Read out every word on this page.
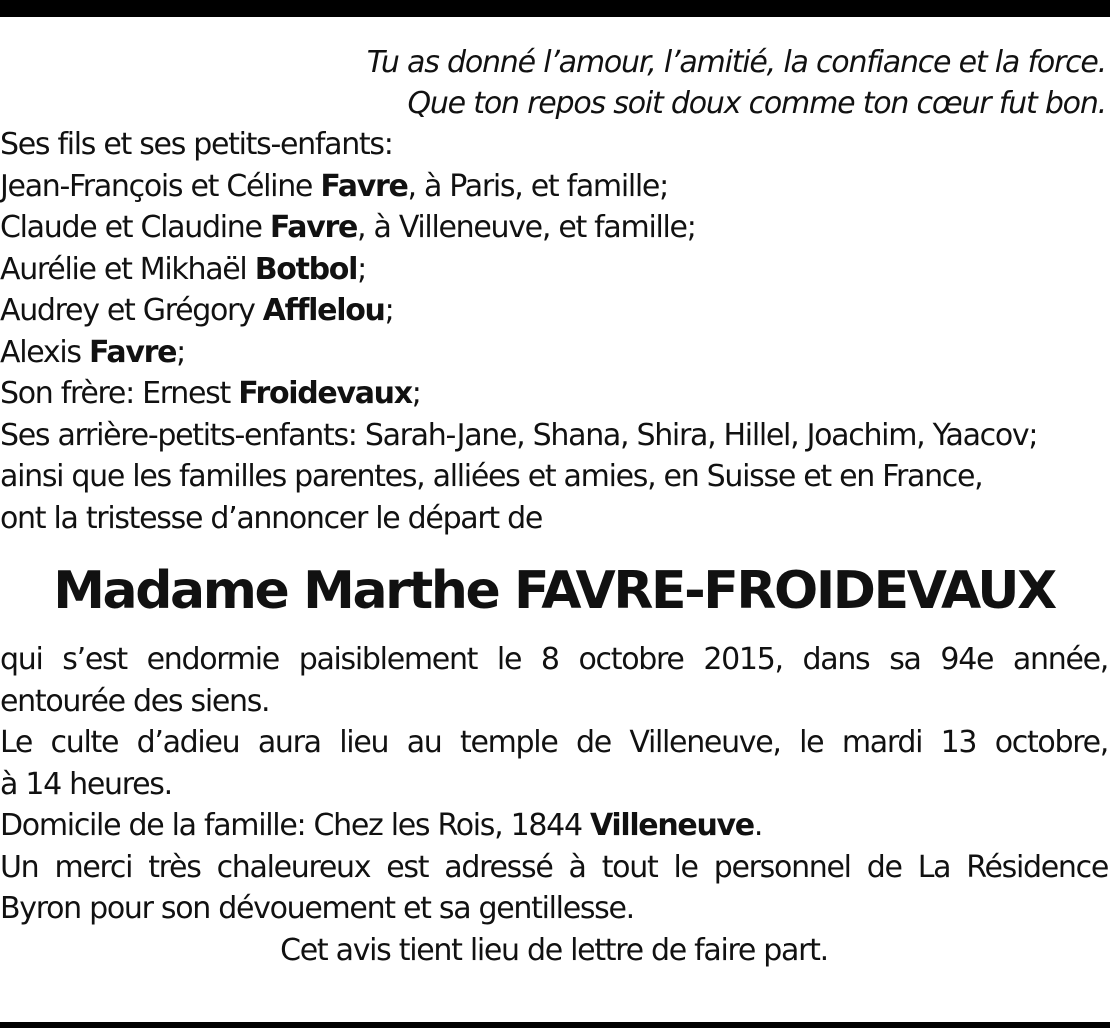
Tu as donné l’amour, l’amitié, la confiance et la force.
Que ton repos soit doux comme ton cœur fut bon.
Ses fils et ses petits-enfants:
Jean-François et Céline Favre, à Paris, et famille;
Claude et Claudine Favre, à Villeneuve, et famille;
Aurélie et Mikhaël Botbol;
Audrey et Grégory Afflelou;
Alexis Favre;
Son frère: Ernest Froidevaux;
Ses arrière-petits-enfants: Sarah-Jane, Shana, Shira, Hillel, Joachim, Yaacov;
ainsi que les familles parentes, alliées et amies, en Suisse et en France,
ont la tristesse d’annoncer le départ de
Madame Marthe FAVRE-FROIDEVAUX
qui s’est endormie paisiblement le 8 octobre 2015, dans sa 94e année,
entourée des siens.
Le culte d’adieu aura lieu au temple de Villeneuve, le mardi 13 octobre,
à 14 heures.
Domicile de la famille: Chez les Rois, 1844 Villeneuve.
Un merci très chaleureux est adressé à tout le personnel de La Résidence
Byron pour son dévouement et sa gentillesse.
Cet avis tient lieu de lettre de faire part.
